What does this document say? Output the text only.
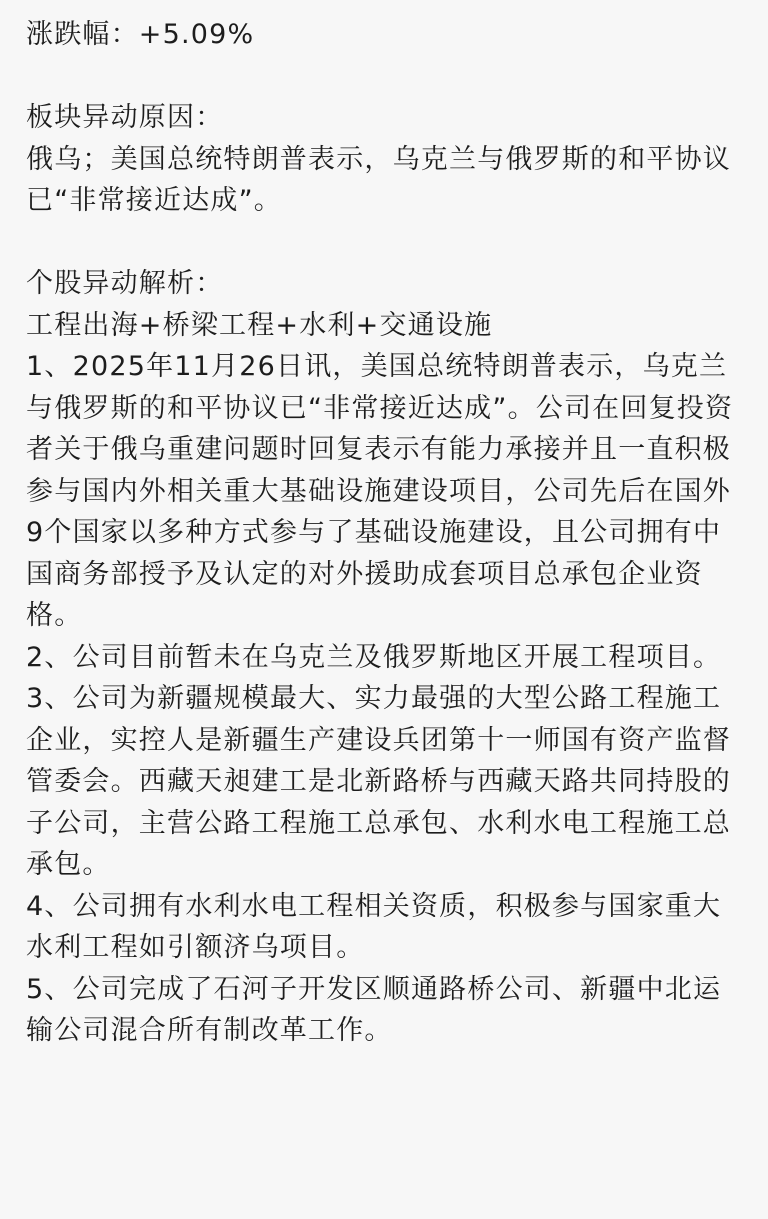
涨跌幅：+5.09%

板块异动原因：

俄乌；美国总统特朗普表示，乌克兰与俄罗斯的和平协议已“非常接近达成”。

个股异动解析：

工程出海+桥梁工程+水利+交通设施

1、2025年11月26日讯，美国总统特朗普表示，乌克兰与俄罗斯的和平协议已“非常接近达成”。公司在回复投资者关于俄乌重建问题时回复表示有能力承接并且一直积极参与国内外相关重大基础设施建设项目，公司先后在国外9个国家以多种方式参与了基础设施建设，且公司拥有中国商务部授予及认定的对外援助成套项目总承包企业资格。

2、公司目前暂未在乌克兰及俄罗斯地区开展工程项目。

3、公司为新疆规模最大、实力最强的大型公路工程施工企业，实控人是新疆生产建设兵团第十一师国有资产监督管委会。西藏天昶建工是北新路桥与西藏天路共同持股的子公司，主营公路工程施工总承包、水利水电工程施工总承包。

4、公司拥有水利水电工程相关资质，积极参与国家重大水利工程如引额济乌项目。

5、公司完成了石河子开发区顺通路桥公司、新疆中北运输公司混合所有制改革工作。
